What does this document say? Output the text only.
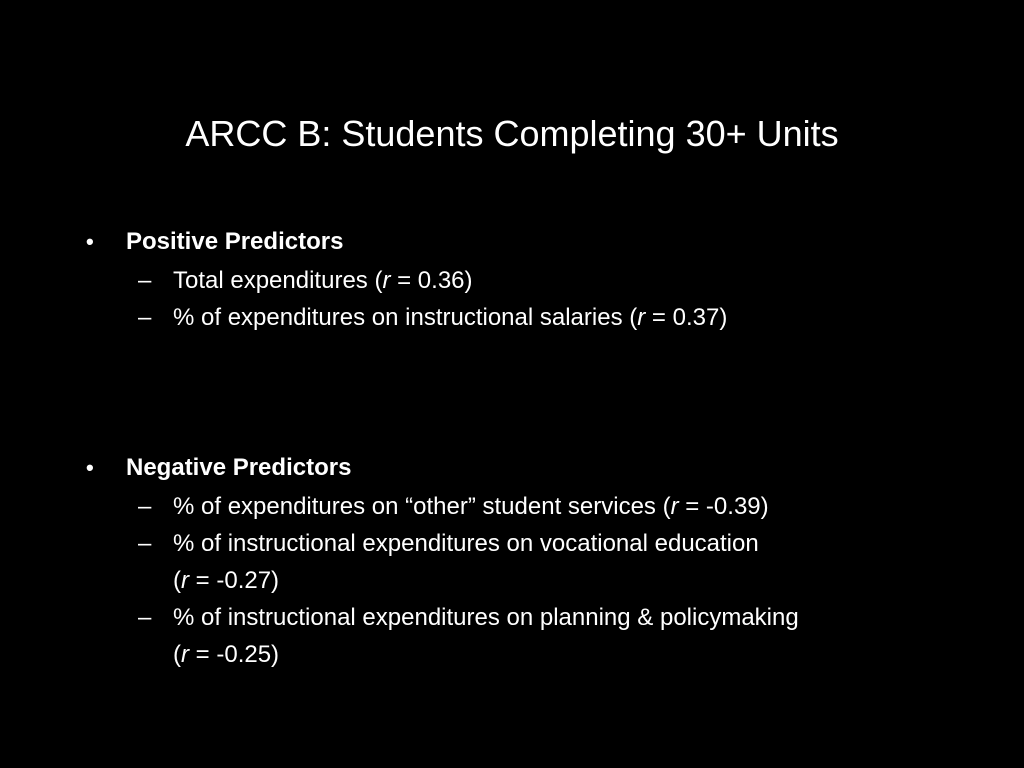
ARCC B: Students Completing 30+ Units
•	Positive Predictors
– Total expenditures (r = 0.36)
– % of expenditures on instructional salaries (r = 0.37)
•	Negative Predictors
– % of expenditures on “other” student services (r = -0.39)
– % of instructional expenditures on vocational education
(r = -0.27)
– % of instructional expenditures on planning & policymaking
(r = -0.25)
